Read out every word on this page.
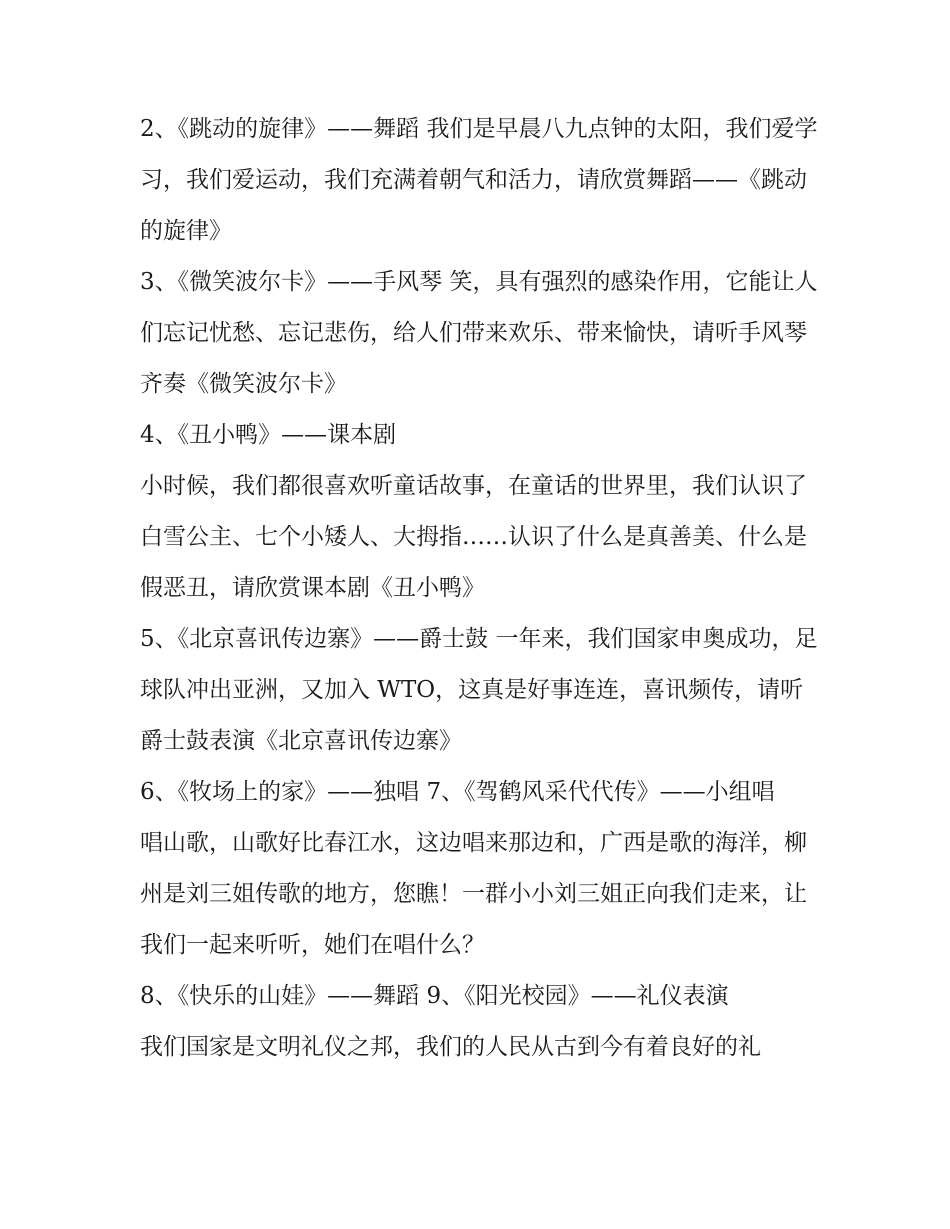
2、《跳动的旋律》——舞蹈 我们是早晨八九点钟的太阳，我们爱学习，我们爱运动，我们充满着朝气和活力，请欣赏舞蹈——《跳动的旋律》

3、《微笑波尔卡》——手风琴 笑，具有强烈的感染作用，它能让人们忘记忧愁、忘记悲伤，给人们带来欢乐、带来愉快，请听手风琴齐奏《微笑波尔卡》

4、《丑小鸭》——课本剧

小时候，我们都很喜欢听童话故事，在童话的世界里，我们认识了白雪公主、七个小矮人、大拇指……认识了什么是真善美、什么是假恶丑，请欣赏课本剧《丑小鸭》

5、《北京喜讯传边寨》——爵士鼓 一年来，我们国家申奥成功，足球队冲出亚洲，又加入 WTO，这真是好事连连，喜讯频传，请听爵士鼓表演《北京喜讯传边寨》

6、《牧场上的家》——独唱 7、《驾鹤风采代代传》——小组唱

唱山歌，山歌好比春江水，这边唱来那边和，广西是歌的海洋，柳州是刘三姐传歌的地方，您瞧！一群小小刘三姐正向我们走来，让我们一起来听听，她们在唱什么？

8、《快乐的山娃》——舞蹈 9、《阳光校园》——礼仪表演

我们国家是文明礼仪之邦，我们的人民从古到今有着良好的礼
